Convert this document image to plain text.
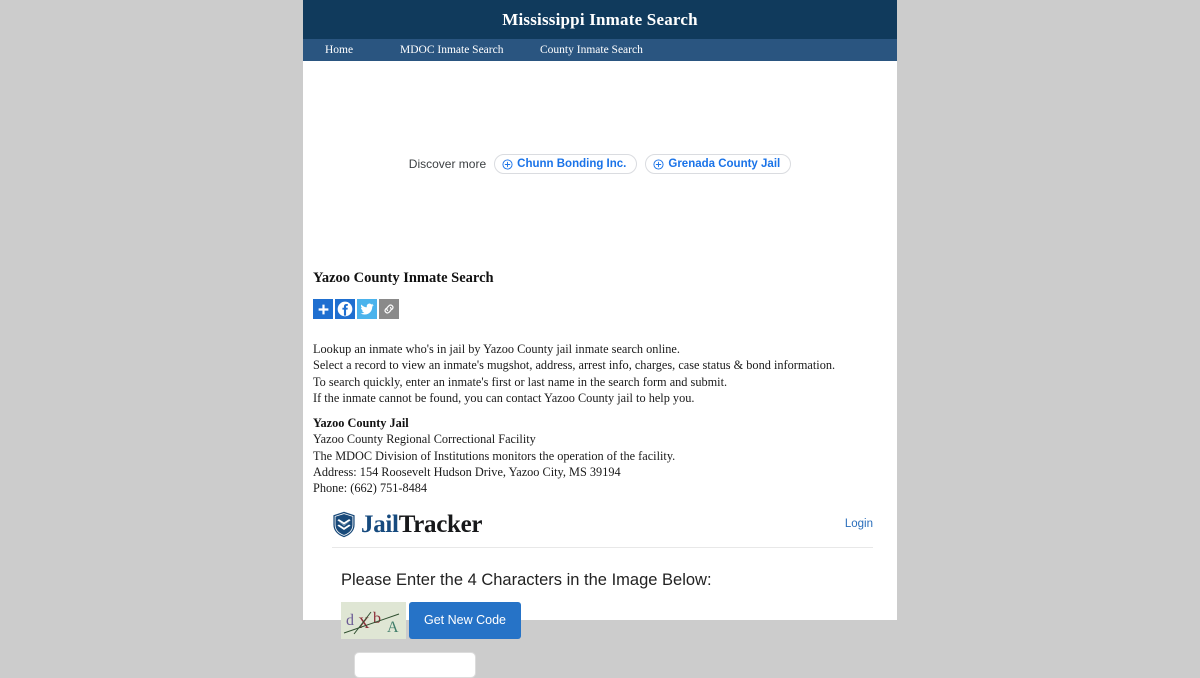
Mississippi Inmate Search
Home	MDOC Inmate Search	County Inmate Search
Discover more	Chunn Bonding Inc.	Grenada County Jail
Yazoo County Inmate Search

Lookup an inmate who's in jail by Yazoo County jail inmate search online.

Select a record to view an inmate's mugshot, address, arrest info, charges, case status & bond information.

To search quickly, enter an inmate's first or last name in the search form and submit.

If the inmate cannot be found, you can contact Yazoo County jail to help you.

Yazoo County Jail

Yazoo County Regional Correctional Facility

The MDOC Division of Institutions monitors the operation of the facility.

Address: 154 Roosevelt Hudson Drive, Yazoo City, MS 39194

Phone: (662) 751-8484

JailTracker	Login
Please Enter the 4 Characters in the Image Below:
d X b
A	Get New Code
